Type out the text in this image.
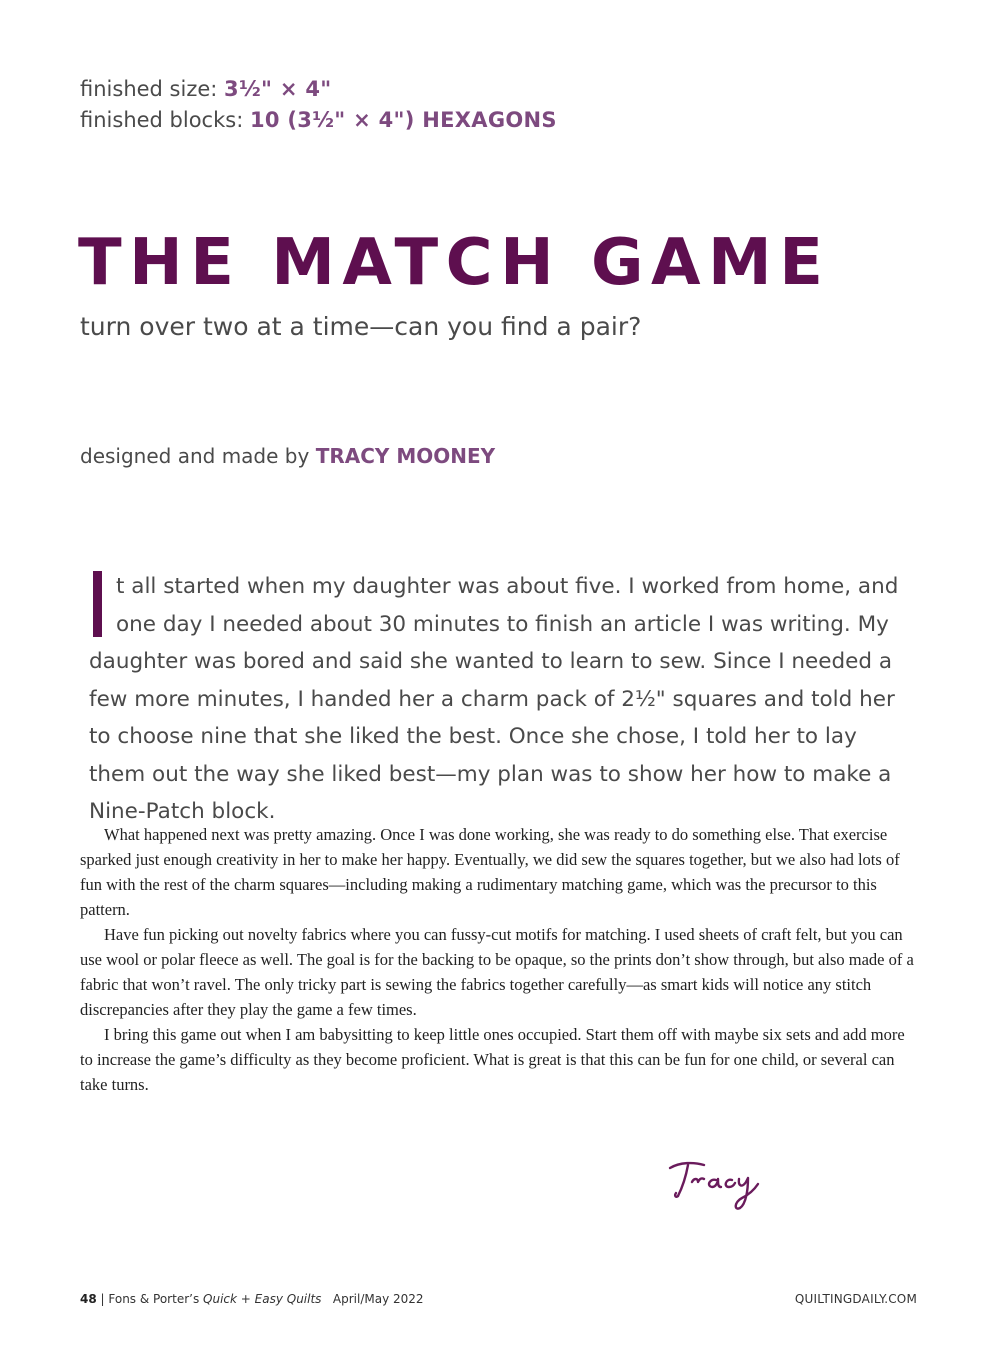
finished size: 3½" × 4"
finished blocks: 10 (3½" × 4") HEXAGONS
THE MATCH GAME
turn over two at a time—can you find a pair?
designed and made by TRACY MOONEY
t all started when my daughter was about five. I worked from home, and one day I needed about 30 minutes to finish an article I was writing. My daughter was bored and said she wanted to learn to sew. Since I needed a few more minutes, I handed her a charm pack of 2½" squares and told her to choose nine that she liked the best. Once she chose, I told her to lay them out the way she liked best—my plan was to show her how to make a Nine-Patch block.

What happened next was pretty amazing. Once I was done working, she was ready to do something else. That exercise sparked just enough creativity in her to make her happy. Eventually, we did sew the squares together, but we also had lots of fun with the rest of the charm squares—including making a rudimentary matching game, which was the precursor to this pattern.

Have fun picking out novelty fabrics where you can fussy-cut motifs for matching. I used sheets of craft felt, but you can use wool or polar fleece as well. The goal is for the backing to be opaque, so the prints don’t show through, but also made of a fabric that won’t ravel. The only tricky part is sewing the fabrics together carefully—as smart kids will notice any stitch discrepancies after they play the game a few times.

I bring this game out when I am babysitting to keep little ones occupied. Start them off with maybe six sets and add more to increase the game’s difficulty as they become proficient. What is great is that this can be fun for one child, or several can take turns.

48 | Fons & Porter’s Quick + Easy Quilts April/May 2022	QUILTINGDAILY.COM
